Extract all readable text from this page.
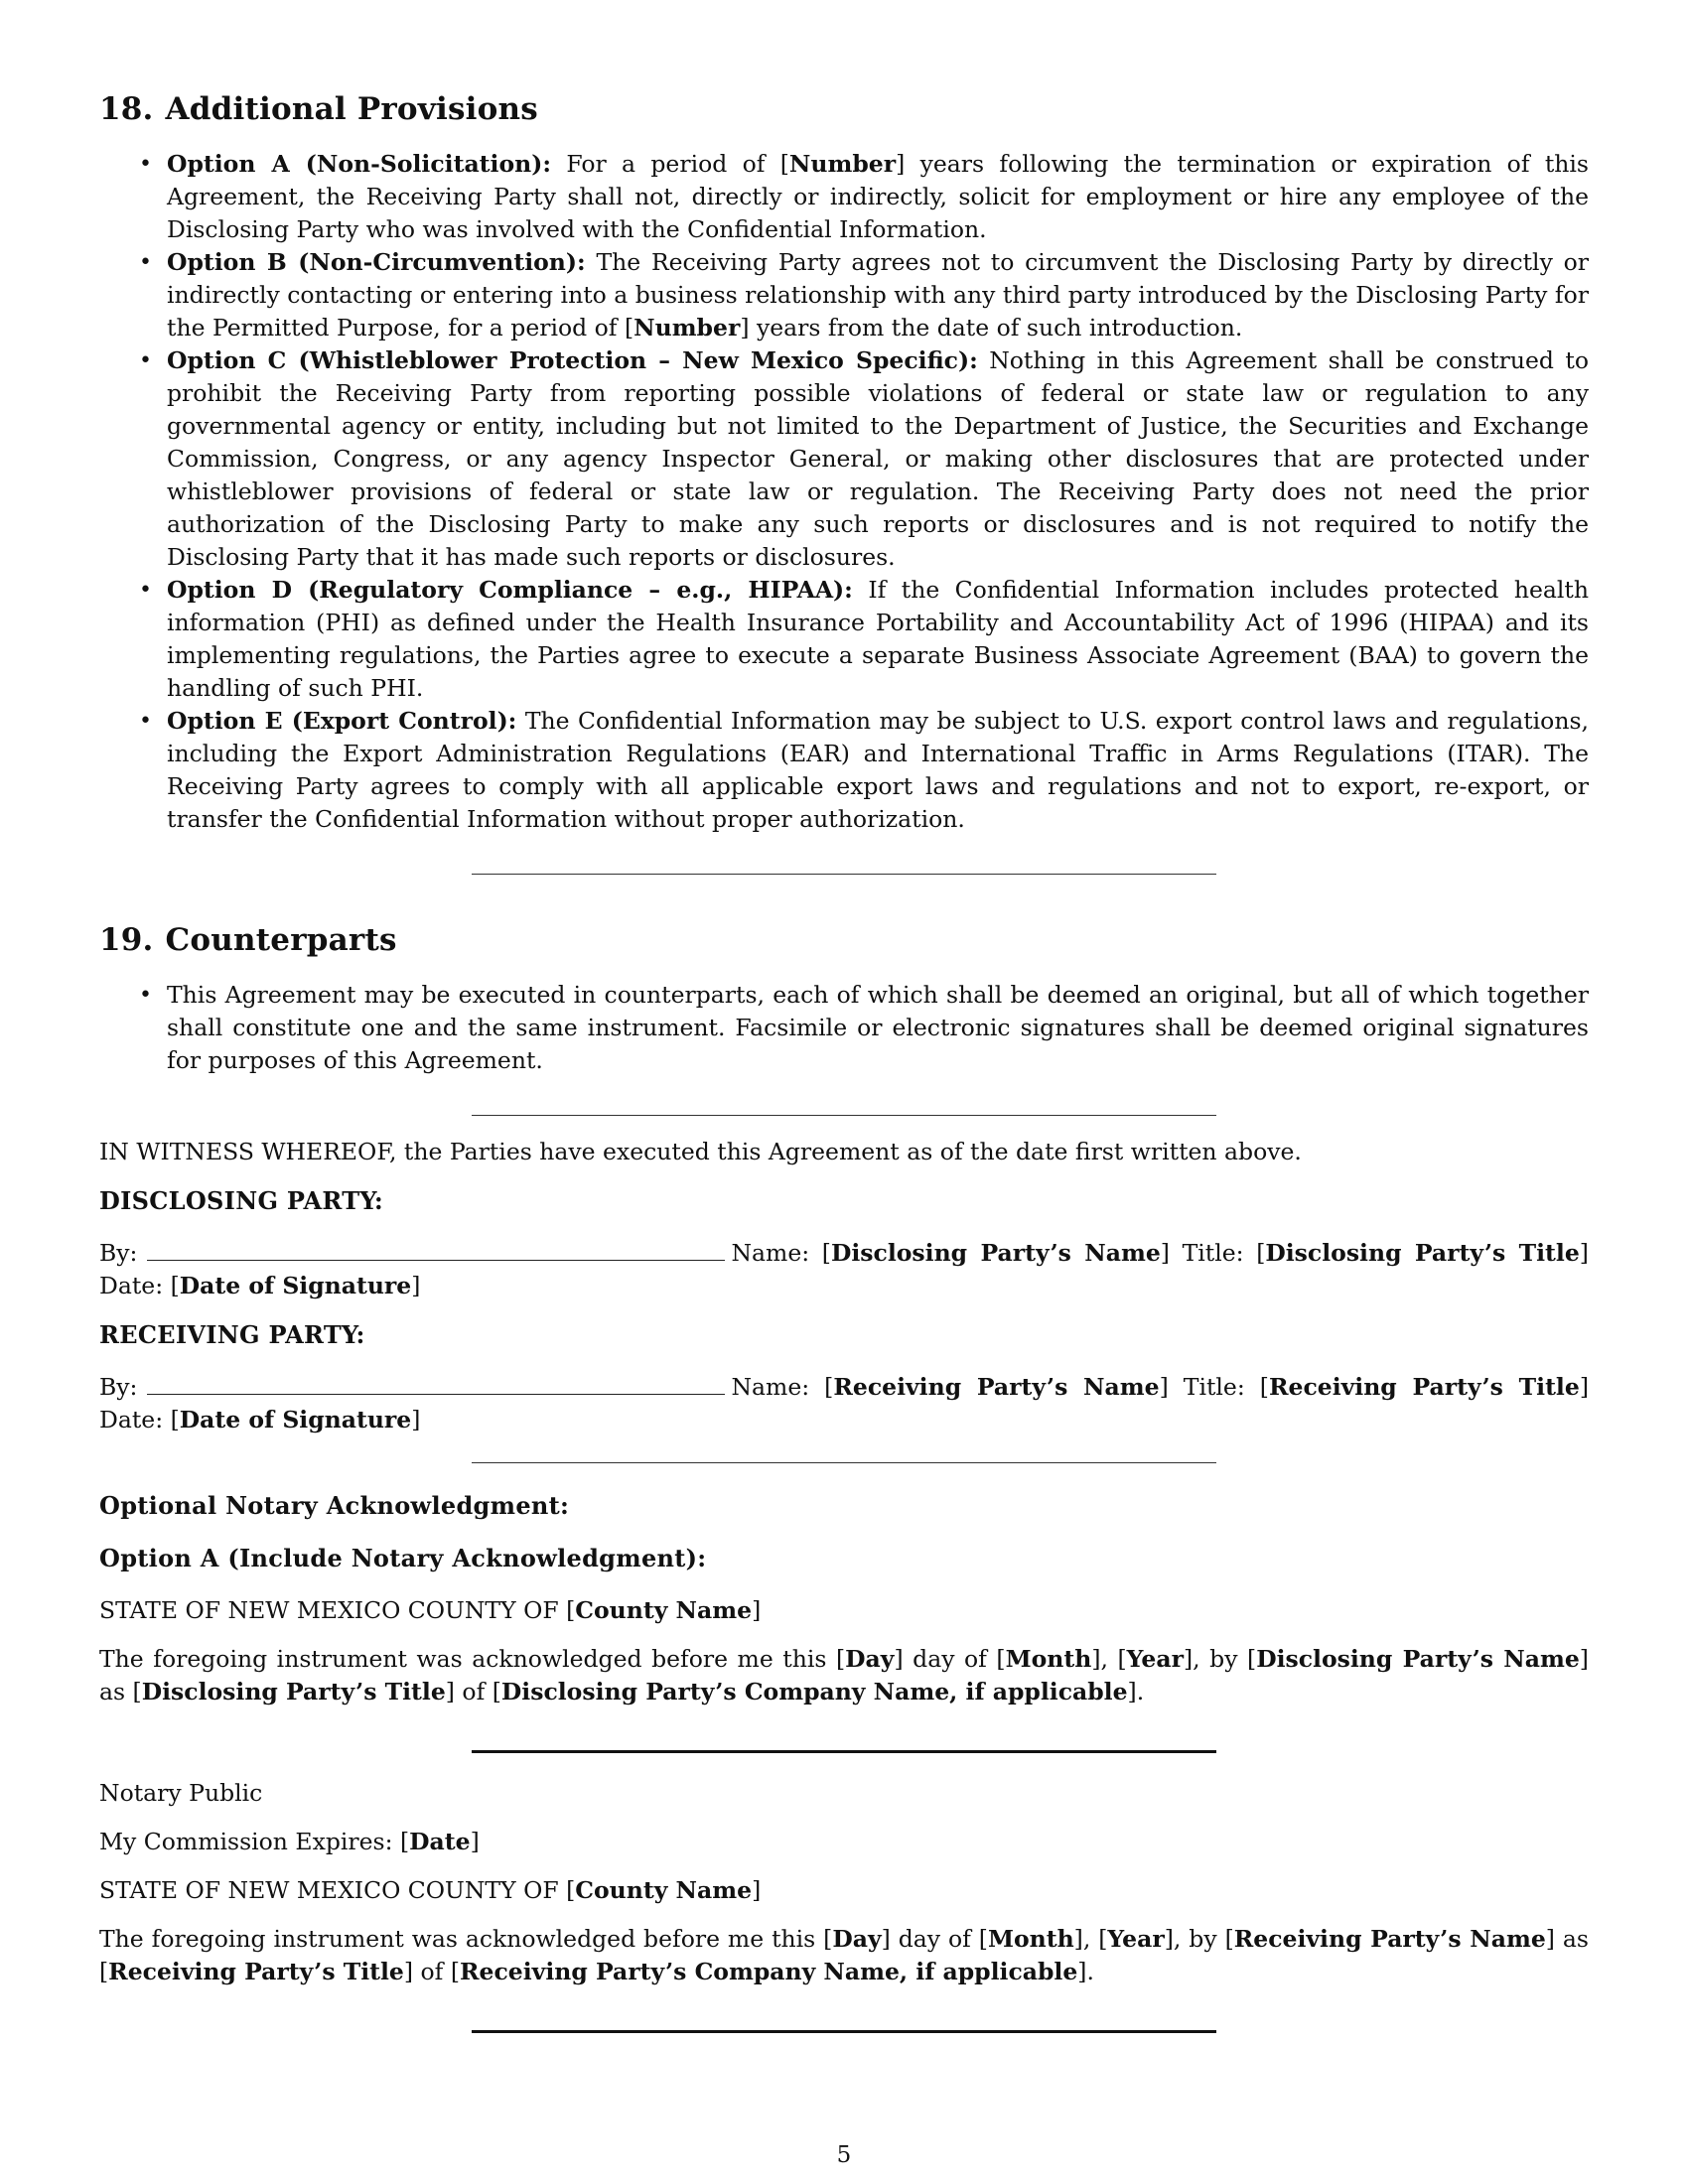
18. Additional Provisions
• Option A (Non-Solicitation): For a period of [Number] years following the termination or expiration of this Agreement, the Receiving Party shall not, directly or indirectly, solicit for employment or hire any employee of the Disclosing Party who was involved with the Confidential Information.
• Option B (Non-Circumvention): The Receiving Party agrees not to circumvent the Disclosing Party by directly or indirectly contacting or entering into a business relationship with any third party introduced by the Disclosing Party for the Permitted Purpose, for a period of [Number] years from the date of such introduction.
• Option C (Whistleblower Protection – New Mexico Specific): Nothing in this Agreement shall be construed to prohibit the Receiving Party from reporting possible violations of federal or state law or regulation to any governmental agency or entity, including but not limited to the Department of Justice, the Securities and Exchange Commission, Congress, or any agency Inspector General, or making other disclosures that are protected under whistleblower provisions of federal or state law or regulation. The Receiving Party does not need the prior authorization of the Disclosing Party to make any such reports or disclosures and is not required to notify the Disclosing Party that it has made such reports or disclosures.
• Option D (Regulatory Compliance – e.g., HIPAA): If the Confidential Information includes protected health information (PHI) as defined under the Health Insurance Portability and Accountability Act of 1996 (HIPAA) and its implementing regulations, the Parties agree to execute a separate Business Associate Agreement (BAA) to govern the handling of such PHI.
• Option E (Export Control): The Confidential Information may be subject to U.S. export control laws and regulations, including the Export Administration Regulations (EAR) and International Traffic in Arms Regulations (ITAR). The Receiving Party agrees to comply with all applicable export laws and regulations and not to export, re-export, or transfer the Confidential Information without proper authorization.
19. Counterparts
• This Agreement may be executed in counterparts, each of which shall be deemed an original, but all of which together shall constitute one and the same instrument. Facsimile or electronic signatures shall be deemed original signatures for purposes of this Agreement.

IN WITNESS WHEREOF, the Parties have executed this Agreement as of the date first written above.

DISCLOSING PARTY:

By:	Name: [Disclosing Party’s Name] Title: [Disclosing Party’s Title] Date: [Date of Signature]

RECEIVING PARTY:

By:	Name: [Receiving Party’s Name] Title: [Receiving Party’s Title] Date: [Date of Signature]

Optional Notary Acknowledgment:
Option A (Include Notary Acknowledgment):

STATE OF NEW MEXICO COUNTY OF [County Name]

The foregoing instrument was acknowledged before me this [Day] day of [Month], [Year], by [Disclosing Party’s Name] as [Disclosing Party’s Title] of [Disclosing Party’s Company Name, if applicable].

Notary Public

My Commission Expires: [Date]

STATE OF NEW MEXICO COUNTY OF [County Name]

The foregoing instrument was acknowledged before me this [Day] day of [Month], [Year], by [Receiving Party’s Name] as [Receiving Party’s Title] of [Receiving Party’s Company Name, if applicable].

5
